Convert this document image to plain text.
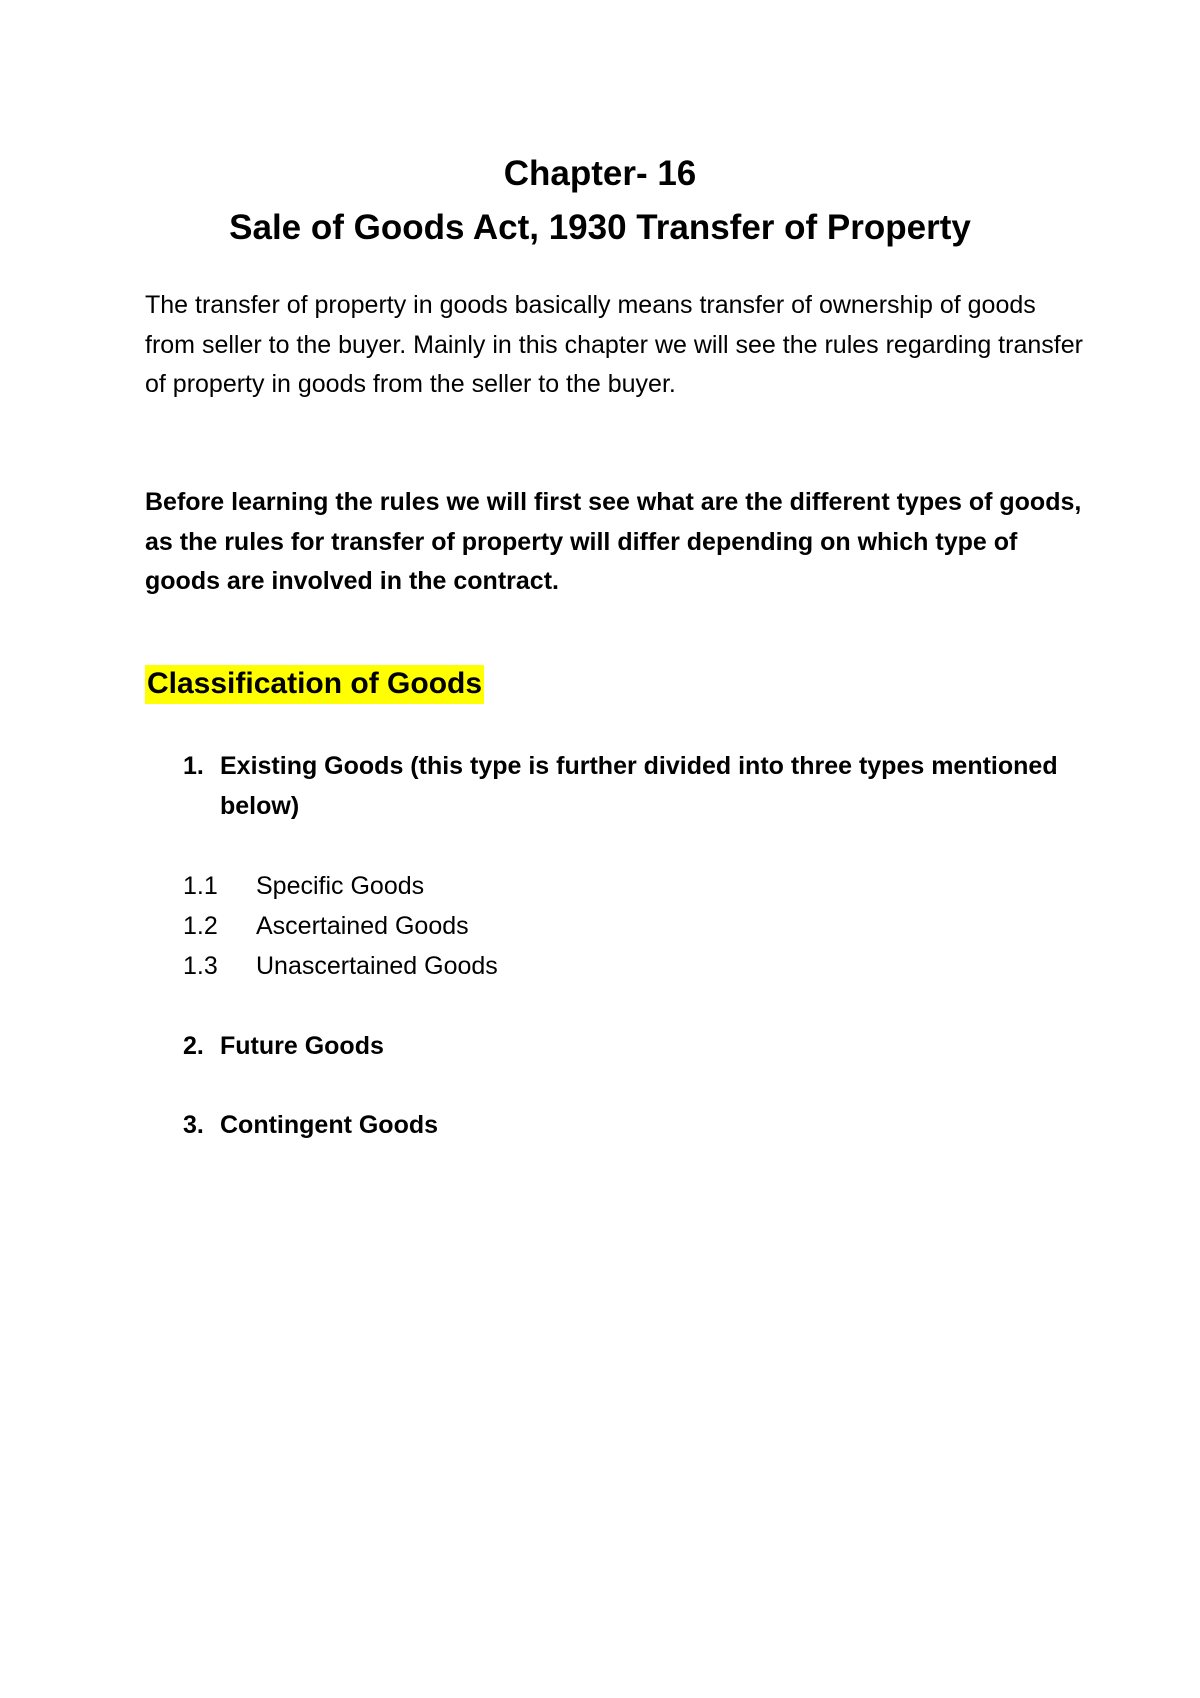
Chapter- 16
Sale of Goods Act, 1930 Transfer of Property
The transfer of property in goods basically means transfer of ownership of goods from seller to the buyer. Mainly in this chapter we will see the rules regarding transfer of property in goods from the seller to the buyer.
Before learning the rules we will first see what are the different types of goods, as the rules for transfer of property will differ depending on which type of goods are involved in the contract.
Classification of Goods
1. Existing Goods (this type is further divided into three types mentioned below)
1.1 Specific Goods
1.2 Ascertained Goods
1.3 Unascertained Goods
2. Future Goods
3. Contingent Goods
